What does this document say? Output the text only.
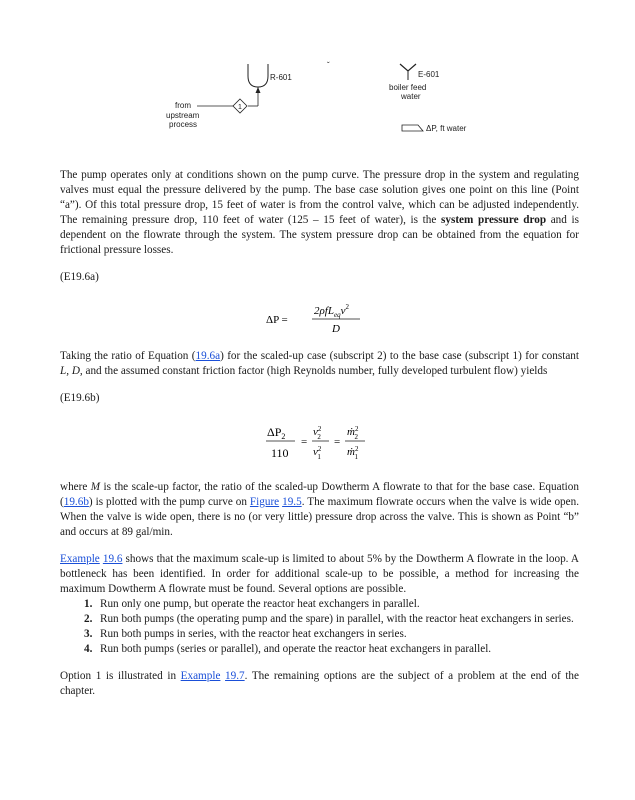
R-601
1
from
upstream
process
ˇ
E-601
boiler feed
water
ΔP, ft water

The pump operates only at conditions shown on the pump curve. The pressure drop in the system and regulating valves must equal the pressure delivered by the pump. The base case solution gives one point on this line (Point “a”). Of this total pressure drop, 15 feet of water is from the control valve, which can be adjusted independently. The remaining pressure drop, 110 feet of water (125 – 15 feet of water), is the system pressure drop and is dependent on the flowrate through the system. The system pressure drop can be obtained from the equation for frictional pressure losses.

(E19.6a)

ΔP =
$2\rho fL_{eq}v^2$
D

Taking the ratio of Equation (19.6a) for the scaled-up case (subscript 2) to the base case (subscript 1) for constant L, D, and the assumed constant friction factor (high Reynolds number, fully developed turbulent flow) yields

(E19.6b)

$\Delta P_2$
110
=
$v^2$ 2
$v^2$ 1
=
ṁ$^2$ 2
ṁ$^2$ 1

where M is the scale-up factor, the ratio of the scaled-up Dowtherm A flowrate to that for the base case. Equation (19.6b) is plotted with the pump curve on Figure 19.5. The maximum flowrate occurs when the valve is wide open. When the valve is wide open, there is no (or very little) pressure drop across the valve. This is shown as Point “b” and occurs at 89 gal/min.

Example 19.6 shows that the maximum scale-up is limited to about 5% by the Dowtherm A flowrate in the loop. A bottleneck has been identified. In order for additional scale-up to be possible, a method for increasing the maximum Dowtherm A flowrate must be found. Several options are possible.

1. Run only one pump, but operate the reactor heat exchangers in parallel.
2. Run both pumps (the operating pump and the spare) in parallel, with the reactor heat exchangers in series.
3. Run both pumps in series, with the reactor heat exchangers in series.
4. Run both pumps (series or parallel), and operate the reactor heat exchangers in parallel.

Option 1 is illustrated in Example 19.7. The remaining options are the subject of a problem at the end of the chapter.
